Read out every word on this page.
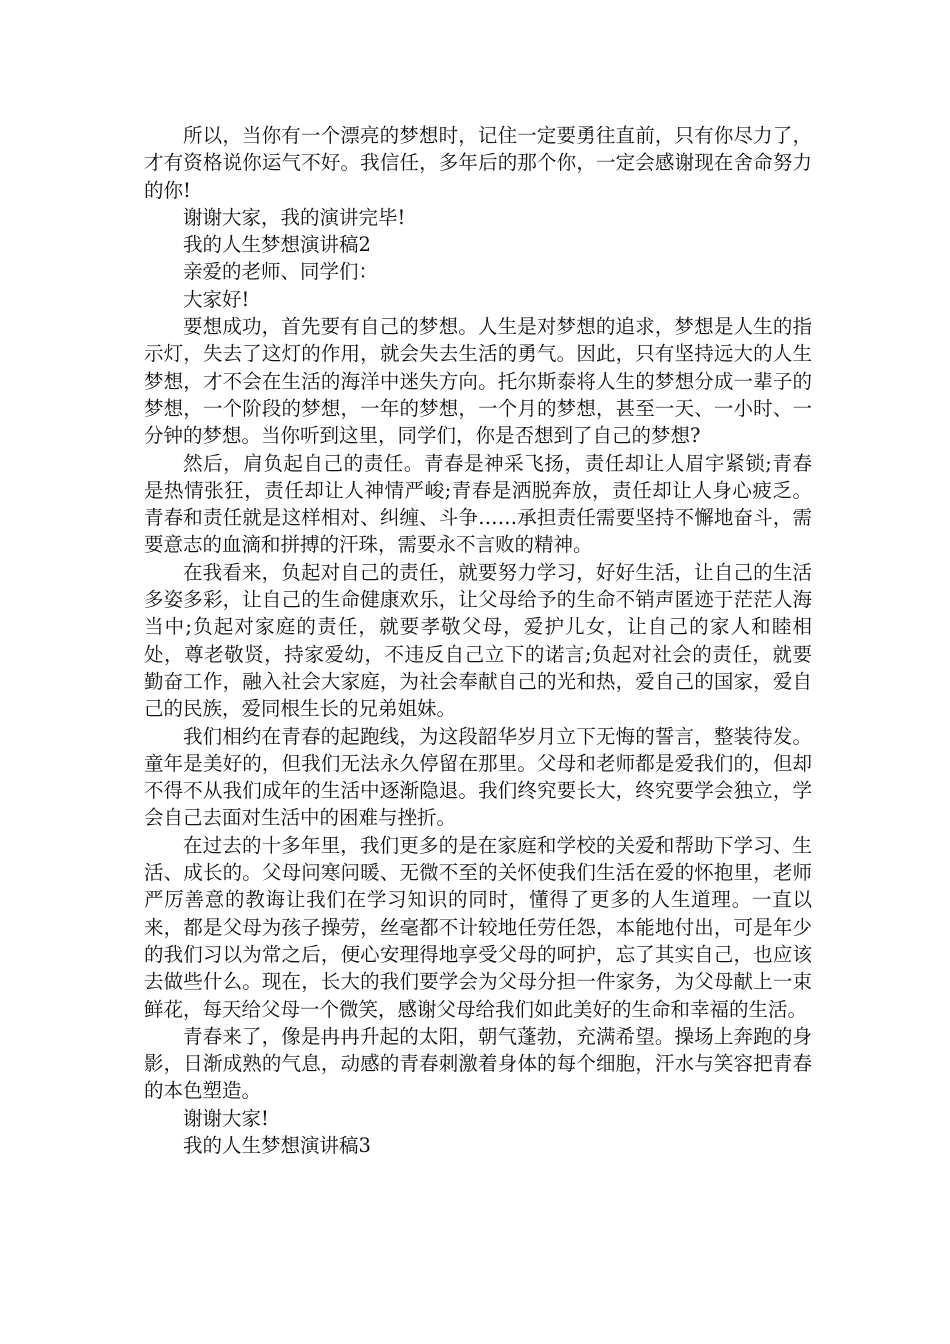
所以，当你有一个漂亮的梦想时，记住一定要勇往直前，只有你尽力了，才有资格说你运气不好。我信任，多年后的那个你，一定会感谢现在舍命努力的你!

谢谢大家，我的演讲完毕!

我的人生梦想演讲稿2

亲爱的老师、同学们：

大家好!

要想成功，首先要有自己的梦想。人生是对梦想的追求，梦想是人生的指示灯，失去了这灯的作用，就会失去生活的勇气。因此，只有坚持远大的人生梦想，才不会在生活的海洋中迷失方向。托尔斯泰将人生的梦想分成一辈子的梦想，一个阶段的梦想，一年的梦想，一个月的梦想，甚至一天、一小时、一分钟的梦想。当你听到这里，同学们，你是否想到了自己的梦想?

然后，肩负起自己的责任。青春是神采飞扬，责任却让人眉宇紧锁;青春是热情张狂，责任却让人神情严峻;青春是洒脱奔放，责任却让人身心疲乏。青春和责任就是这样相对、纠缠、斗争……承担责任需要坚持不懈地奋斗，需要意志的血滴和拼搏的汗珠，需要永不言败的精神。

在我看来，负起对自己的责任，就要努力学习，好好生活，让自己的生活多姿多彩，让自己的生命健康欢乐，让父母给予的生命不销声匿迹于茫茫人海当中;负起对家庭的责任，就要孝敬父母，爱护儿女，让自己的家人和睦相处，尊老敬贤，持家爱幼，不违反自己立下的诺言;负起对社会的责任，就要勤奋工作，融入社会大家庭，为社会奉献自己的光和热，爱自己的国家，爱自己的民族，爱同根生长的兄弟姐妹。

我们相约在青春的起跑线，为这段韶华岁月立下无悔的誓言，整装待发。童年是美好的，但我们无法永久停留在那里。父母和老师都是爱我们的，但却不得不从我们成年的生活中逐渐隐退。我们终究要长大，终究要学会独立，学会自己去面对生活中的困难与挫折。

在过去的十多年里，我们更多的是在家庭和学校的关爱和帮助下学习、生活、成长的。父母问寒问暖、无微不至的关怀使我们生活在爱的怀抱里，老师严厉善意的教诲让我们在学习知识的同时，懂得了更多的人生道理。一直以来，都是父母为孩子操劳，丝毫都不计较地任劳任怨，本能地付出，可是年少的我们习以为常之后，便心安理得地享受父母的呵护，忘了其实自己，也应该去做些什么。现在，长大的我们要学会为父母分担一件家务，为父母献上一束鲜花，每天给父母一个微笑，感谢父母给我们如此美好的生命和幸福的生活。

青春来了，像是冉冉升起的太阳，朝气蓬勃，充满希望。操场上奔跑的身影，日渐成熟的气息，动感的青春刺激着身体的每个细胞，汗水与笑容把青春的本色塑造。

谢谢大家!

我的人生梦想演讲稿3
